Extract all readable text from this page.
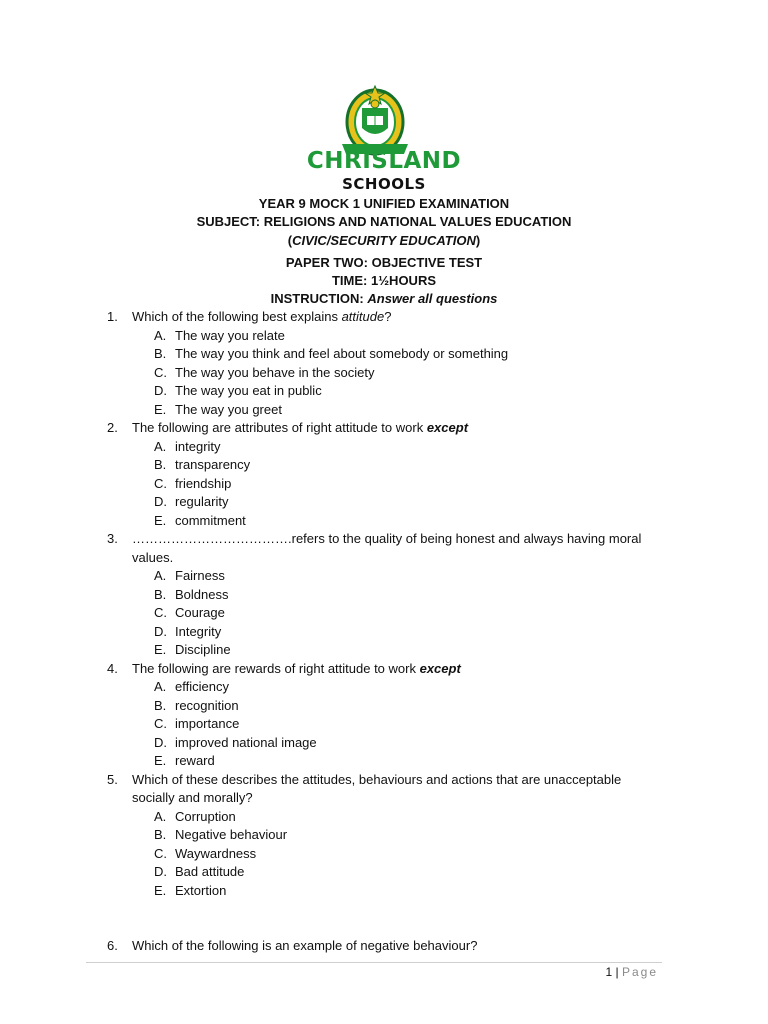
CHRISLAND
SCHOOLS
YEAR 9 MOCK 1 UNIFIED EXAMINATION
SUBJECT: RELIGIONS AND NATIONAL VALUES EDUCATION
(CIVIC/SECURITY EDUCATION)
PAPER TWO: OBJECTIVE TEST
TIME: 1½HOURS
INSTRUCTION: Answer all questions
1.	Which of the following best explains attitude?
A. The way you relate
B. The way you think and feel about somebody or something
C. The way you behave in the society
D. The way you eat in public
E. The way you greet
2.	The following are attributes of right attitude to work except
A. integrity
B. transparency
C. friendship
D. regularity
E. commitment
3.	……………………………….refers to the quality of being honest and always having moral values.
A. Fairness
B. Boldness
C. Courage
D. Integrity
E. Discipline
4.	The following are rewards of right attitude to work except
A. efficiency
B. recognition
C. importance
D. improved national image
E. reward
5.	Which of these describes the attitudes, behaviours and actions that are unacceptable socially and morally?
A. Corruption
B. Negative behaviour
C. Waywardness
D. Bad attitude
E. Extortion
6.	Which of the following is an example of negative behaviour?
1 | Page
